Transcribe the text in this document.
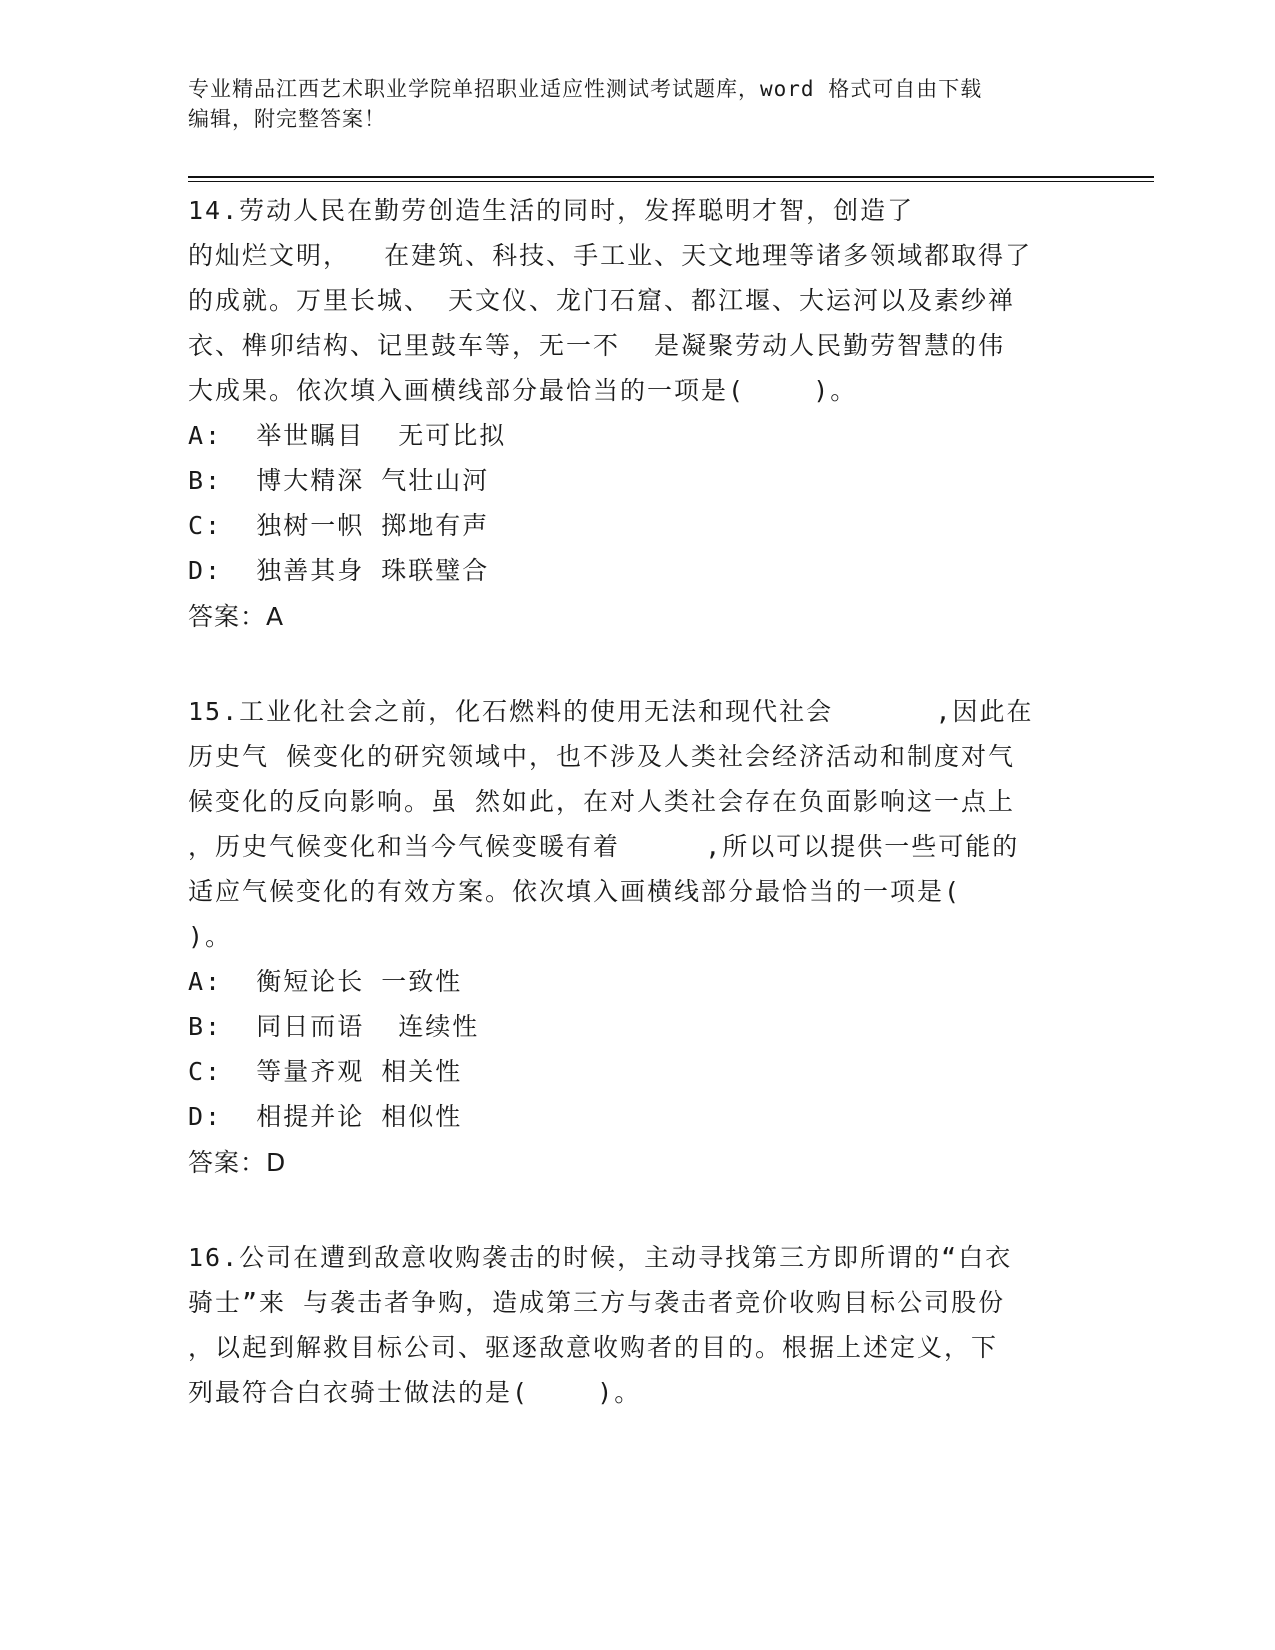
专业精品江西艺术职业学院单招职业适应性测试考试题库，word 格式可自由下载
编辑，附完整答案！
14.劳动人民在勤劳创造生活的同时，发挥聪明才智，创造了
的灿烂文明，  在建筑、科技、手工业、天文地理等诸多领域都取得了
的成就。万里长城、 天文仪、龙门石窟、都江堰、大运河以及素纱禅
衣、榫卯结构、记里鼓车等，无一不  是凝聚劳动人民勤劳智慧的伟
大成果。依次填入画横线部分最恰当的一项是(    )。
A:  举世瞩目  无可比拟
B:  博大精深 气壮山河
C:  独树一帜 掷地有声
D:  独善其身 珠联璧合
答案：A
15.工业化社会之前，化石燃料的使用无法和现代社会      ,因此在
历史气 候变化的研究领域中，也不涉及人类社会经济活动和制度对气
候变化的反向影响。虽 然如此，在对人类社会存在负面影响这一点上
，历史气候变化和当今气候变暖有着     ,所以可以提供一些可能的
适应气候变化的有效方案。依次填入画横线部分最恰当的一项是(
)。
A:  衡短论长 一致性
B:  同日而语  连续性
C:  等量齐观 相关性
D:  相提并论 相似性
答案：D
16.公司在遭到敌意收购袭击的时候，主动寻找第三方即所谓的“白衣
骑士”来 与袭击者争购，造成第三方与袭击者竞价收购目标公司股份
，以起到解救目标公司、驱逐敌意收购者的目的。根据上述定义，下
列最符合白衣骑士做法的是(    )。
